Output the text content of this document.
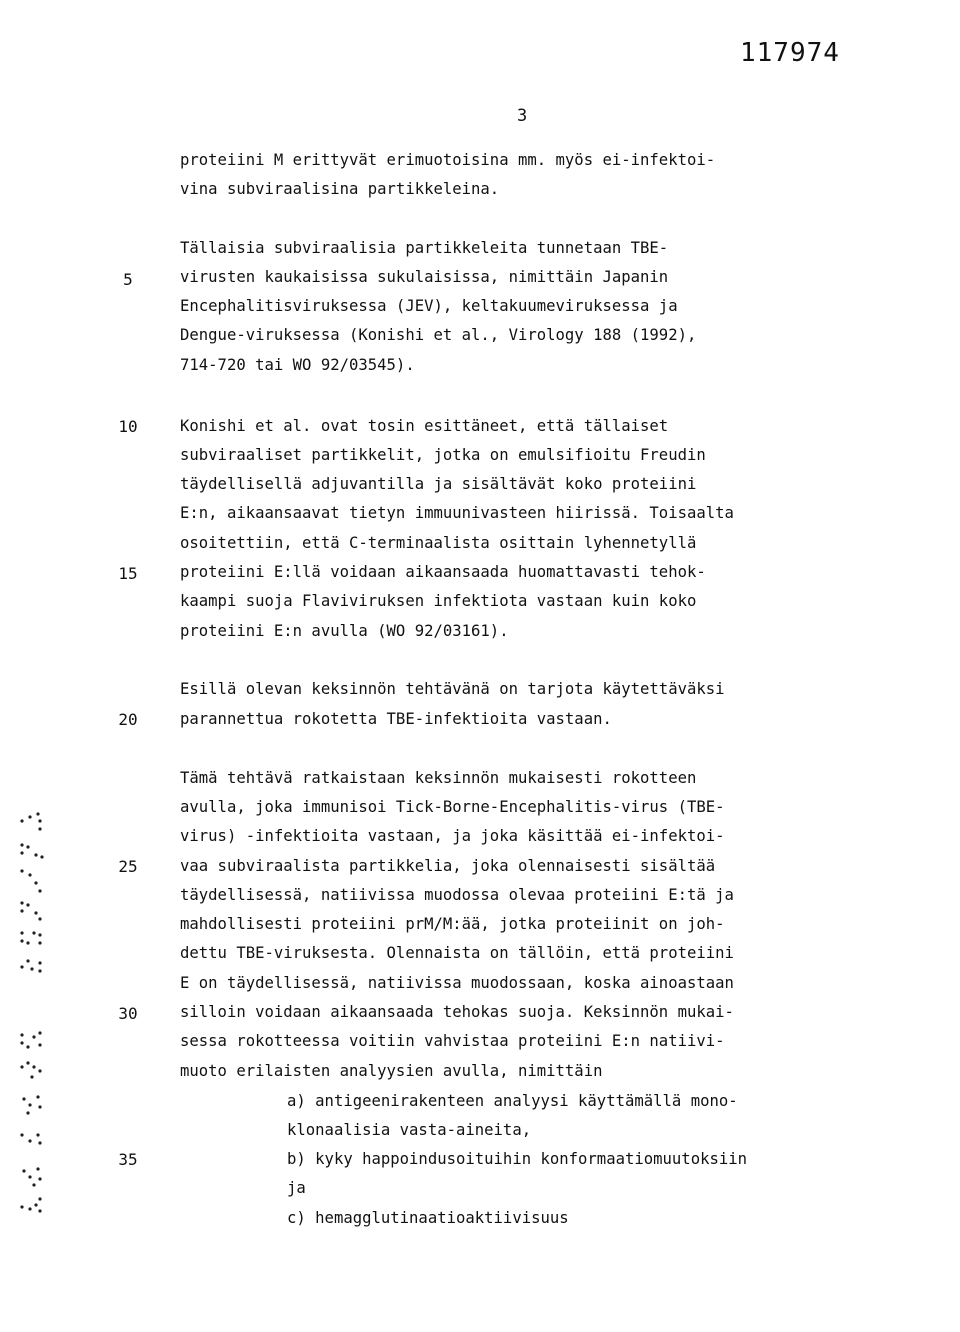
117974
3
5
10
15
20
25
30
35
proteiini M erittyvät erimuotoisina mm. myös ei-infektoi-
vina subviraalisina partikkeleina.
Tällaisia subviraalisia partikkeleita tunnetaan TBE-
virusten kaukaisissa sukulaisissa, nimittäin Japanin
Encephalitisviruksessa (JEV), keltakuumeviruksessa ja
Dengue-viruksessa (Konishi et al., Virology 188 (1992),
714-720 tai WO 92/03545).
Konishi et al. ovat tosin esittäneet, että tällaiset
subviraaliset partikkelit, jotka on emulsifioitu Freudin
täydellisellä adjuvantilla ja sisältävät koko proteiini
E:n, aikaansaavat tietyn immuunivasteen hiirissä. Toisaalta
osoitettiin, että C-terminaalista osittain lyhennetyllä
proteiini E:llä voidaan aikaansaada huomattavasti tehok-
kaampi suoja Flaviviruksen infektiota vastaan kuin koko
proteiini E:n avulla (WO 92/03161).
Esillä olevan keksinnön tehtävänä on tarjota käytettäväksi
parannettua rokotetta TBE-infektioita vastaan.
Tämä tehtävä ratkaistaan keksinnön mukaisesti rokotteen
avulla, joka immunisoi Tick-Borne-Encephalitis-virus (TBE-
virus) -infektioita vastaan, ja joka käsittää ei-infektoi-
vaa subviraalista partikkelia, joka olennaisesti sisältää
täydellisessä, natiivissa muodossa olevaa proteiini E:tä ja
mahdollisesti proteiini prM/M:ää, jotka proteiinit on joh-
dettu TBE-viruksesta. Olennaista on tällöin, että proteiini
E on täydellisessä, natiivissa muodossaan, koska ainoastaan
silloin voidaan aikaansaada tehokas suoja. Keksinnön mukai-
sessa rokotteessa voitiin vahvistaa proteiini E:n natiivi-
muoto erilaisten analyysien avulla, nimittäin
a) antigeenirakenteen analyysi käyttämällä mono-
klonaalisia vasta-aineita,
b) kyky happoindusoituihin konformaatiomuutoksiin
ja
c) hemagglutinaatioaktiivisuus
